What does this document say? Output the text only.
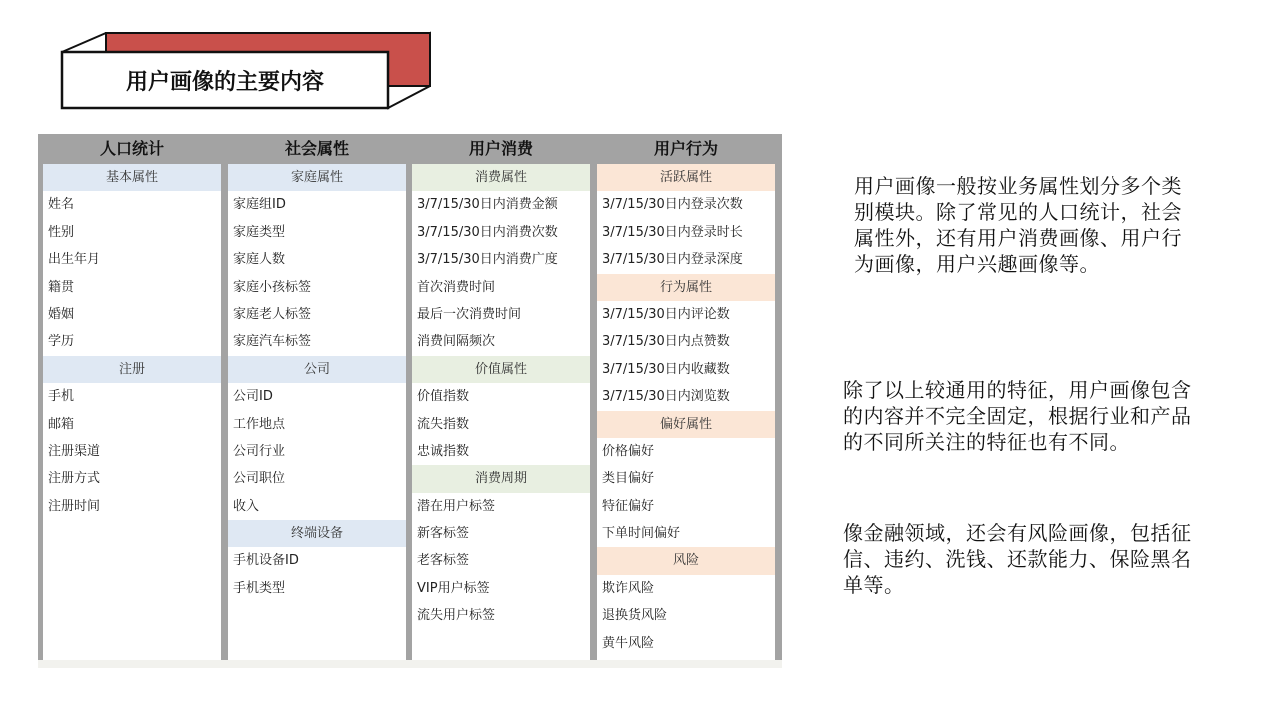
用户画像的主要内容
人口统计
基本属性
姓名
性别
出生年月
籍贯
婚姻
学历
注册
手机
邮箱
注册渠道
注册方式
注册时间
社会属性
家庭属性
家庭组ID
家庭类型
家庭人数
家庭小孩标签
家庭老人标签
家庭汽车标签
公司
公司ID
工作地点
公司行业
公司职位
收入
终端设备
手机设备ID
手机类型
用户消费
消费属性
3/7/15/30日内消费金额
3/7/15/30日内消费次数
3/7/15/30日内消费广度
首次消费时间
最后一次消费时间
消费间隔频次
价值属性
价值指数
流失指数
忠诚指数
消费周期
潜在用户标签
新客标签
老客标签
VIP用户标签
流失用户标签
用户行为
活跃属性
3/7/15/30日内登录次数
3/7/15/30日内登录时长
3/7/15/30日内登录深度
行为属性
3/7/15/30日内评论数
3/7/15/30日内点赞数
3/7/15/30日内收藏数
3/7/15/30日内浏览数
偏好属性
价格偏好
类目偏好
特征偏好
下单时间偏好
风险
欺诈风险
退换货风险
黄牛风险
用户画像一般按业务属性划分多个类别模块。除了常见的人口统计，社会属性外，还有用户消费画像、用户行为画像，用户兴趣画像等。
除了以上较通用的特征，用户画像包含的内容并不完全固定，根据行业和产品的不同所关注的特征也有不同。
像金融领域，还会有风险画像，包括征信、违约、洗钱、还款能力、保险黑名单等。
